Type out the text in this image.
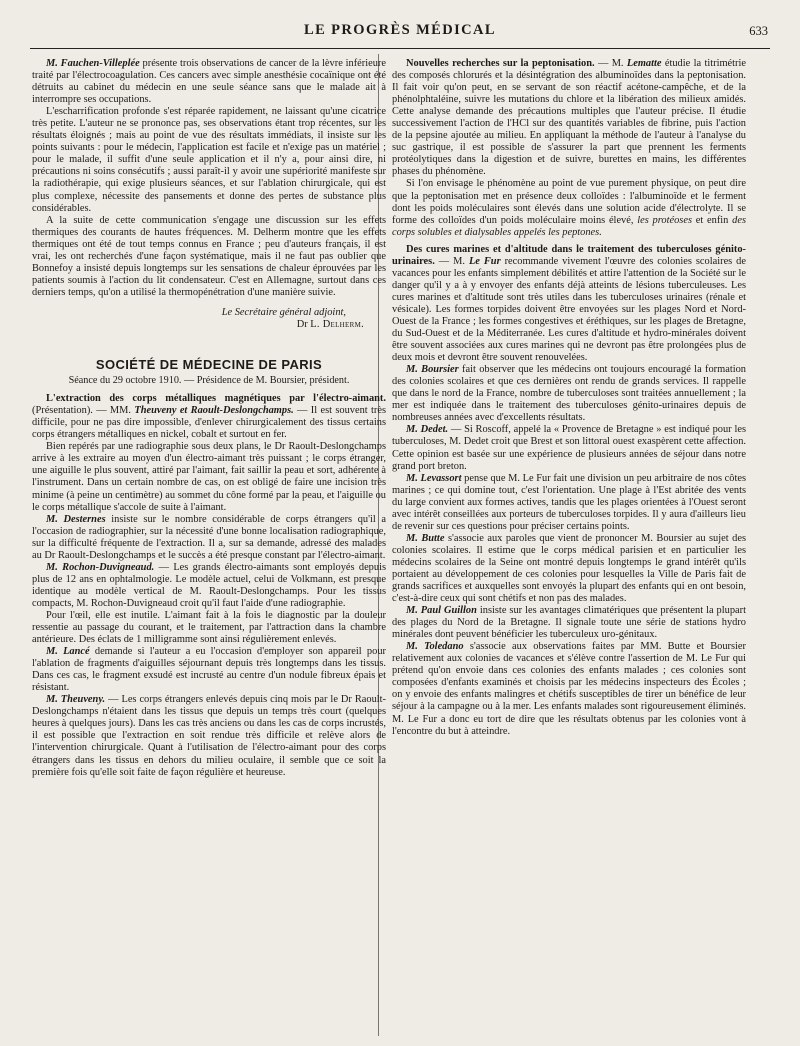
LE PROGRÈS MÉDICAL	633

M. Fauchen-Villeplée présente trois observations de cancer de la lèvre inférieure traité par l'électrocoagulation. Ces cancers avec simple anesthésie cocaïnique ont été détruits au cabinet du médecin en une seule séance sans que le malade ait à interrompre ses occupations.

L'escharrification profonde s'est réparée rapidement, ne laissant qu'une cicatrice très petite. L'auteur ne se prononce pas, ses observations étant trop récentes, sur les résultats éloignés ; mais au point de vue des résultats immédiats, il insiste sur les points suivants : pour le médecin, l'application est facile et n'exige pas un matériel ; pour le malade, il suffit d'une seule application et il n'y a, pour ainsi dire, ni précautions ni soins consécutifs ; aussi paraît-il y avoir une supériorité manifeste sur la radiothérapie, qui exige plusieurs séances, et sur l'ablation chirurgicale, qui est plus complexe, nécessite des pansements et donne des pertes de substance plus considérables.

A la suite de cette communication s'engage une discussion sur les effets thermiques des courants de hautes fréquences. M. Delherm montre que les effets thermiques ont été de tout temps connus en France ; peu d'auteurs français, il est vrai, les ont recherchés d'une façon systématique, mais il ne faut pas oublier que Bonnefoy a insisté depuis longtemps sur les sensations de chaleur éprouvées par les patients soumis à l'action du lit condensateur. C'est en Allemagne, surtout dans ces derniers temps, qu'on a utilisé la thermopénétration d'une manière suivie.

Le Secrétaire général adjoint,

Dr L. Delherm.

SOCIÉTÉ DE MÉDECINE DE PARIS
Séance du 29 octobre 1910. — Présidence de M. Boursier, président.

L'extraction des corps métalliques magnétiques par l'électro-aimant. (Présentation). — MM. Theuveny et Raoult-Deslongchamps. — Il est souvent très difficile, pour ne pas dire impossible, d'enlever chirurgicalement des tissus certains corps étrangers métalliques en nickel, cobalt et surtout en fer.

Bien repérés par une radiographie sous deux plans, le Dr Raoult-Deslongchamps arrive à les extraire au moyen d'un électro-aimant très puissant ; le corps étranger, une aiguille le plus souvent, attiré par l'aimant, fait saillir la peau et sort, adhérente à l'instrument. Dans un certain nombre de cas, on est obligé de faire une incision très minime (à peine un centimètre) au sommet du cône formé par la peau, et l'aiguille ou le corps métallique s'accole de suite à l'aimant.

M. Desternes insiste sur le nombre considérable de corps étrangers qu'il a l'occasion de radiographier, sur la nécessité d'une bonne localisation radiographique, sur la difficulté fréquente de l'extraction. Il a, sur sa demande, adressé des malades au Dr Raoult-Deslongchamps et le succès a été presque constant par l'électro-aimant.

M. Rochon-Duvigneaud. — Les grands électro-aimants sont employés depuis plus de 12 ans en ophtalmologie. Le modèle actuel, celui de Volkmann, est presque identique au modèle vertical de M. Raoult-Deslongchamps. Pour les tissus compacts, M. Rochon-Duvigneaud croit qu'il faut l'aide d'une radiographie.

Pour l'œil, elle est inutile. L'aimant fait à la fois le diagnostic par la douleur ressentie au passage du courant, et le traitement, par l'attraction dans la chambre antérieure. Des éclats de 1 milligramme sont ainsi régulièrement enlevés.

M. Lancé demande si l'auteur a eu l'occasion d'employer son appareil pour l'ablation de fragments d'aiguilles séjournant depuis très longtemps dans les tissus. Dans ces cas, le fragment exsudé est incrusté au centre d'un nodule fibreux épais et résistant.

M. Theuveny. — Les corps étrangers enlevés depuis cinq mois par le Dr Raoult-Deslongchamps n'étaient dans les tissus que depuis un temps très court (quelques heures à quelques jours). Dans les cas très anciens ou dans les cas de corps incrustés, il est possible que l'extraction en soit rendue très difficile et relève alors de l'intervention chirurgicale. Quant à l'utilisation de l'électro-aimant pour des corps étrangers dans les tissus en dehors du milieu oculaire, il semble que ce soit la première fois qu'elle soit faite de façon régulière et heureuse.

Nouvelles recherches sur la peptonisation. — M. Lematte étudie la titrimétrie des composés chlorurés et la désintégration des albuminoïdes dans la peptonisation. Il fait voir qu'on peut, en se servant de son réactif acétone-campêche, et de la phénolphtaléine, suivre les mutations du chlore et la libération des milieux amidés. Cette analyse demande des précautions multiples que l'auteur précise. Il étudie successivement l'action de l'HCl sur des quantités variables de fibrine, puis l'action de la pepsine ajoutée au milieu. En appliquant la méthode de l'auteur à l'analyse du suc gastrique, il est possible de s'assurer la part que prennent les ferments protéolytiques dans la digestion et de suivre, burettes en mains, les différentes phases du phénomène.

Si l'on envisage le phénomène au point de vue purement physique, on peut dire que la peptonisation met en présence deux colloïdes : l'albuminoïde et le ferment dont les poids moléculaires sont élevés dans une solution acide d'électrolyte. Il se forme des colloïdes d'un poids moléculaire moins élevé, les protéoses et enfin des corps solubles et dialysables appelés les peptones.

Des cures marines et d'altitude dans le traitement des tuberculoses génito-urinaires. — M. Le Fur recommande vivement l'œuvre des colonies scolaires de vacances pour les enfants simplement débilités et attire l'attention de la Société sur le danger qu'il y a à y envoyer des enfants déjà atteints de lésions tuberculeuses. Les cures marines et d'altitude sont très utiles dans les tuberculoses urinaires (rénale et vésicale). Les formes torpides doivent être envoyées sur les plages Nord et Nord-Ouest de la France ; les formes congestives et éréthiques, sur les plages de Bretagne, du Sud-Ouest et de la Méditerranée. Les cures d'altitude et hydro-minérales doivent être souvent associées aux cures marines qui ne devront pas être prolongées plus de deux mois et devront être souvent renouvelées.

M. Boursier fait observer que les médecins ont toujours encouragé la formation des colonies scolaires et que ces dernières ont rendu de grands services. Il rappelle que dans le nord de la France, nombre de tuberculoses sont traitées annuellement ; la mer est indiquée dans le traitement des tuberculoses génito-urinaires depuis de nombreuses années avec d'excellents résultats.

M. Dedet. — Si Roscoff, appelé la « Provence de Bretagne » est indiqué pour les tuberculoses, M. Dedet croit que Brest et son littoral ouest exaspèrent cette affection. Cette opinion est basée sur une expérience de plusieurs années de séjour dans notre grand port breton.

M. Levassort pense que M. Le Fur fait une division un peu arbitraire de nos côtes marines ; ce qui domine tout, c'est l'orientation. Une plage à l'Est abritée des vents du large convient aux formes actives, tandis que les plages orientées à l'Ouest seront avec intérêt conseillées aux porteurs de tuberculoses torpides. Il y aura d'ailleurs lieu de revenir sur ces questions pour préciser certains points.

M. Butte s'associe aux paroles que vient de prononcer M. Boursier au sujet des colonies scolaires. Il estime que le corps médical parisien et en particulier les médecins scolaires de la Seine ont montré depuis longtemps le grand intérêt qu'ils portaient au développement de ces colonies pour lesquelles la Ville de Paris fait de grands sacrifices et auxquelles sont envoyés la plupart des enfants qui en ont besoin, c'est-à-dire ceux qui sont chétifs et non pas des malades.

M. Paul Guillon insiste sur les avantages climatériques que présentent la plupart des plages du Nord de la Bretagne. Il signale toute une série de stations hydro minérales dont peuvent bénéficier les tuberculeux uro-génitaux.

M. Toledano s'associe aux observations faites par MM. Butte et Boursier relativement aux colonies de vacances et s'élève contre l'assertion de M. Le Fur qui prétend qu'on envoie dans ces colonies des enfants malades ; ces colonies sont composées d'enfants examinés et choisis par les médecins inspecteurs des Écoles ; on y envoie des enfants malingres et chétifs susceptibles de tirer un bénéfice de leur séjour à la campagne ou à la mer. Les enfants malades sont rigoureusement éliminés. M. Le Fur a donc eu tort de dire que les résultats obtenus par les colonies vont à l'encontre du but à atteindre.
